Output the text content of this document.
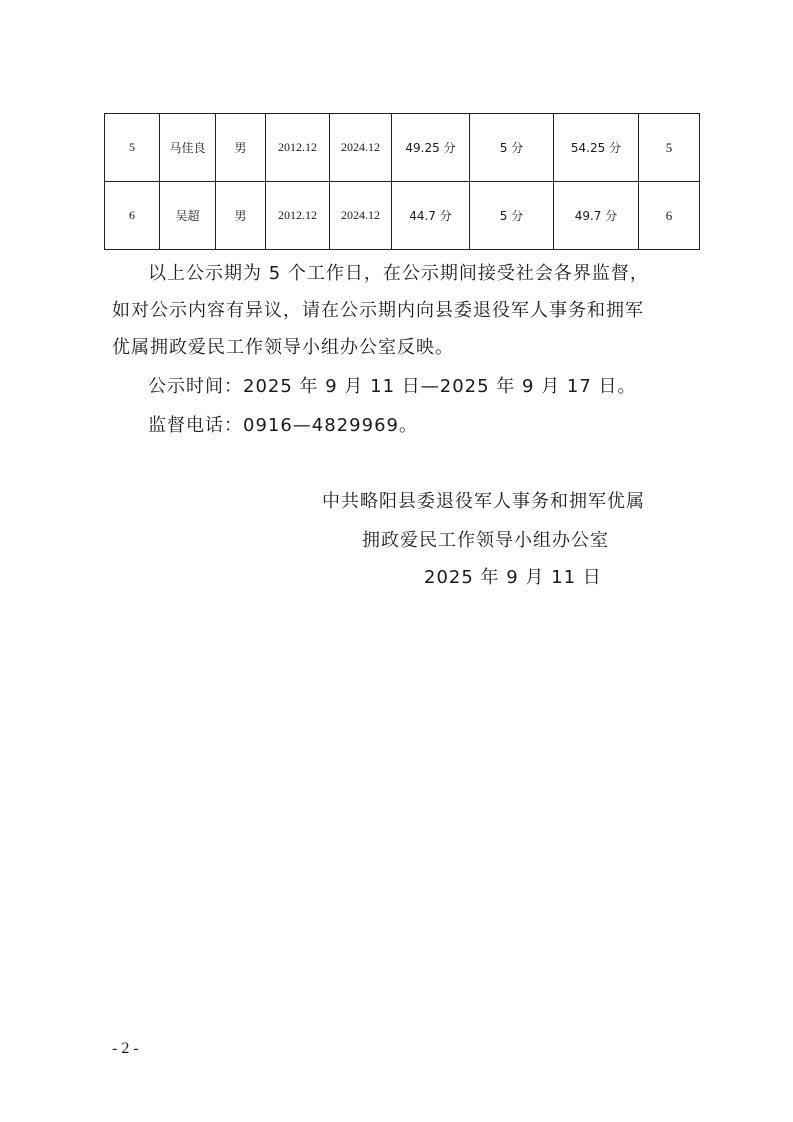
5	马佳良	男	2012.12	2024.12	49.25 分	5 分	54.25 分	5
6	吴超	男	2012.12	2024.12	44.7 分	5 分	49.7 分	6
以上公示期为 5 个工作日，在公示期间接受社会各界监督，
如对公示内容有异议，请在公示期内向县委退役军人事务和拥军
优属拥政爱民工作领导小组办公室反映。
公示时间：2025 年 9 月 11 日—2025 年 9 月 17 日。
监督电话：0916—4829969。
中共略阳县委退役军人事务和拥军优属
拥政爱民工作领导小组办公室
2025 年 9 月 11 日
- 2 -
